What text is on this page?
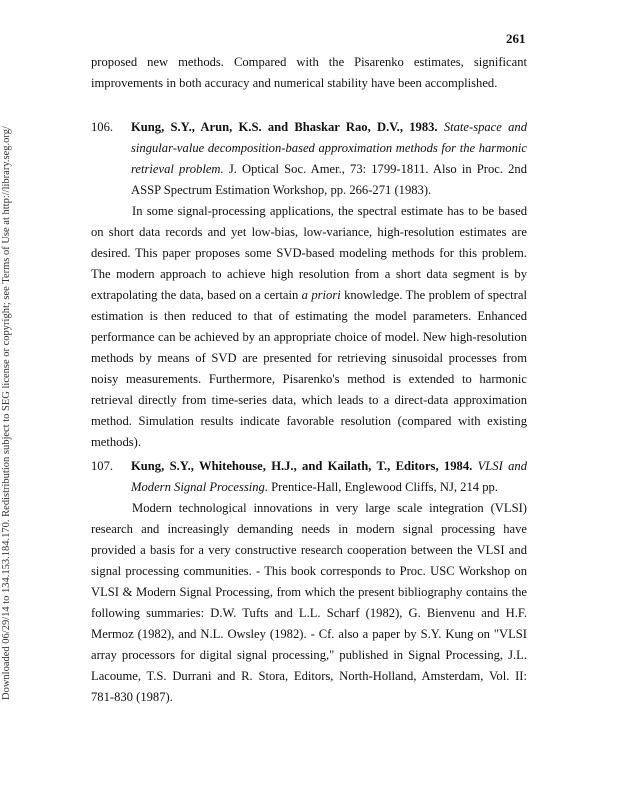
261
Downloaded 06/29/14 to 134.153.184.170. Redistribution subject to SEG license or copyright; see Terms of Use at http://library.seg.org/

proposed new methods. Compared with the Pisarenko estimates, significant improvements in both accuracy and numerical stability have been accomplished.

106. Kung, S.Y., Arun, K.S. and Bhaskar Rao, D.V., 1983. State-space and singular-value decomposition-based approximation methods for the harmonic retrieval problem. J. Optical Soc. Amer., 73: 1799-1811. Also in Proc. 2nd ASSP Spectrum Estimation Workshop, pp. 266-271 (1983).

In some signal-processing applications, the spectral estimate has to be based on short data records and yet low-bias, low-variance, high-resolution estimates are desired. This paper proposes some SVD-based modeling methods for this problem. The modern approach to achieve high resolution from a short data segment is by extrapolating the data, based on a certain a priori knowledge. The problem of spectral estimation is then reduced to that of estimating the model parameters. Enhanced performance can be achieved by an appropriate choice of model. New high-resolution methods by means of SVD are presented for retrieving sinusoidal processes from noisy measurements. Furthermore, Pisarenko's method is extended to harmonic retrieval directly from time-series data, which leads to a direct-data approximation method. Simulation results indicate favorable resolution (compared with existing methods).

107. Kung, S.Y., Whitehouse, H.J., and Kailath, T., Editors, 1984. VLSI and Modern Signal Processing. Prentice-Hall, Englewood Cliffs, NJ, 214 pp.

Modern technological innovations in very large scale integration (VLSI) research and increasingly demanding needs in modern signal processing have provided a basis for a very constructive research cooperation between the VLSI and signal processing communities. - This book corresponds to Proc. USC Workshop on VLSI & Modern Signal Processing, from which the present bibliography contains the following summaries: D.W. Tufts and L.L. Scharf (1982), G. Bienvenu and H.F. Mermoz (1982), and N.L. Owsley (1982). - Cf. also a paper by S.Y. Kung on "VLSI array processors for digital signal processing," published in Signal Processing, J.L. Lacoume, T.S. Durrani and R. Stora, Editors, North-Holland, Amsterdam, Vol. II: 781-830 (1987).
